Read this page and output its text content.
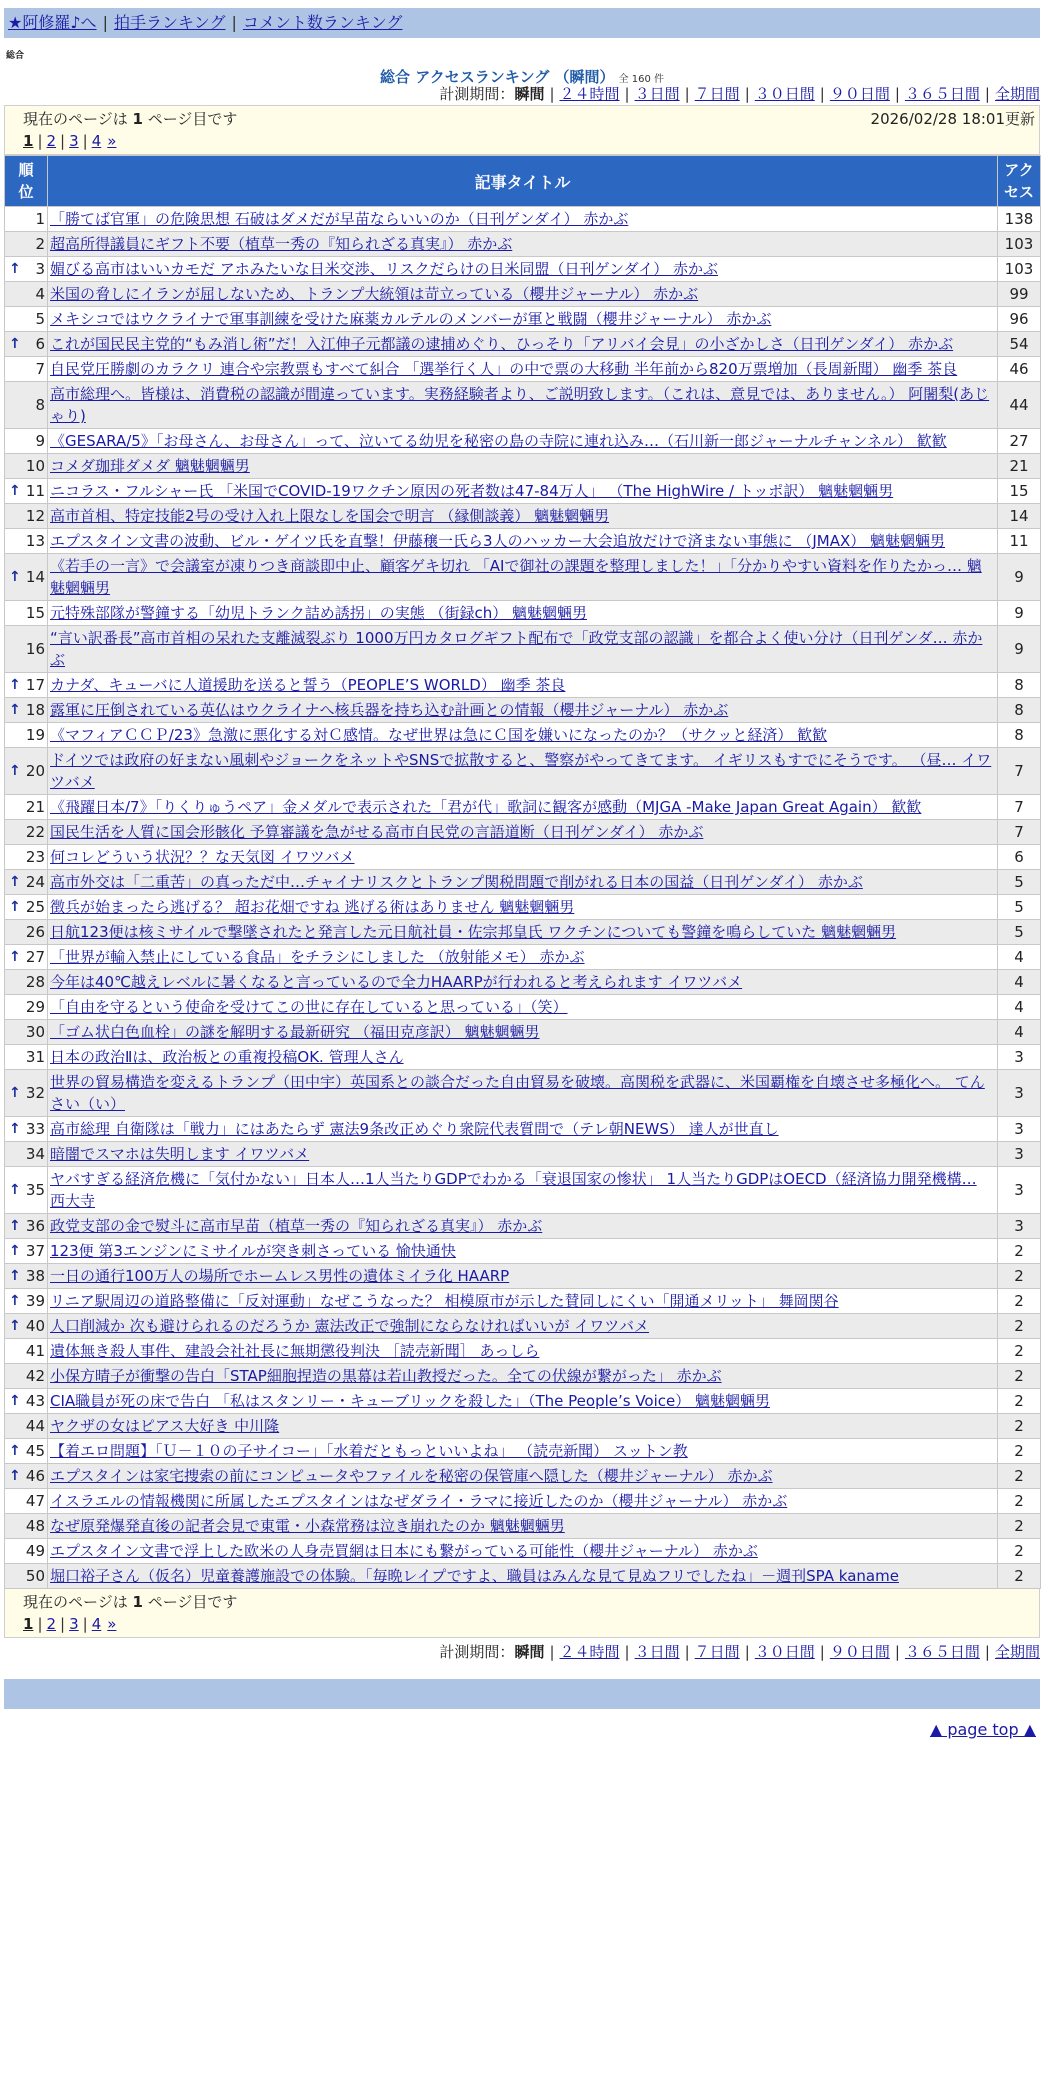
★阿修羅♪へ | 拍手ランキング | コメント数ランキング
総合
総合 アクセスランキング （瞬間） 全 160 件
計測期間：瞬間 | ２４時間 | ３日間 | ７日間 | ３０日間 | ９０日間 | ３６５日間 | 全期間
現在のページは 1 ページ目です	2026/02/28 18:01更新
1 | 2 | 3 | 4 »
順位	記事タイトル	アクセス
1	「勝てば官軍」の危険思想 石破はダメだが早苗ならいいのか（日刊ゲンダイ） 赤かぶ	138
2	超高所得議員にギフト不要（植草一秀の『知られざる真実』） 赤かぶ	103

↑ 3	媚びる高市はいいカモだ アホみたいな日米交渉、リスクだらけの日米同盟（日刊ゲンダイ） 赤かぶ	103
4	米国の脅しにイランが屈しないため、トランプ大統領は苛立っている（櫻井ジャーナル） 赤かぶ	99
5	メキシコではウクライナで軍事訓練を受けた麻薬カルテルのメンバーが軍と戦闘（櫻井ジャーナル） 赤かぶ	96

↑ 6	これが国民民主党的“もみ消し術”だ！入江伸子元都議の逮捕めぐり、ひっそり「アリバイ会見」の小ざかしさ（日刊ゲンダイ） 赤かぶ	54
7	自民党圧勝劇のカラクリ 連合や宗教票もすべて糾合 「選挙行く人」の中で票の大移動 半年前から820万票増加（長周新聞） 幽季 茶良	46
8	高市総理へ。皆様は、消費税の認識が間違っています。実務経験者より、ご説明致します。（これは、意見では、ありません。） 阿闍梨(あじゃり)	44
9	《GESARA/5》「お母さん、お母さん」って、泣いてる幼児を秘密の島の寺院に連れ込み…（石川新一郎ジャーナルチャンネル） 歓歓	27
10	コメダ珈琲ダメダ 魑魅魍魎男	21

↑ 11	ニコラス・フルシャー氏 「米国でCOVID-19ワクチン原因の死者数は47-84万人」 （The HighWire / トッポ訳） 魑魅魍魎男	15
12	高市首相、特定技能2号の受け入れ上限なしを国会で明言 （縁側談義） 魑魅魍魎男	14
13	エプスタイン文書の波動、ビル・ゲイツ氏を直撃！伊藤穣一氏ら3人のハッカー大会追放だけで済まない事態に （JMAX） 魑魅魍魎男	11

↑ 14	《若手の一言》で会議室が凍りつき商談即中止、顧客ゲキ切れ 「AIで御社の課題を整理しました！」「分かりやすい資料を作りたかっ… 魑魅魍魎男	9
15	元特殊部隊が警鐘する「幼児トランク詰め誘拐」の実態 （街録ch） 魑魅魍魎男	9
16	“言い訳番長”高市首相の呆れた支離滅裂ぶり 1000万円カタログギフト配布で「政党支部の認識」を都合よく使い分け（日刊ゲンダ… 赤かぶ	9

↑ 17	カナダ、キューバに人道援助を送ると誓う（PEOPLE’S WORLD） 幽季 茶良	8

↑ 18	露軍に圧倒されている英仏はウクライナへ核兵器を持ち込む計画との情報（櫻井ジャーナル） 赤かぶ	8
19	《マフィアＣＣＰ/23》急激に悪化する対Ｃ感情。なぜ世界は急にＣ国を嫌いになったのか？（サクッと経済） 歓歓	8

↑ 20	ドイツでは政府の好まない風刺やジョークをネットやSNSで拡散すると、警察がやってきてます。 イギリスもすでにそうです。 （昼… イワツバメ	7
21	《飛躍日本/7》「りくりゅうペア」金メダルで表示された「君が代」歌詞に観客が感動（MJGA -Make Japan Great Again） 歓歓	7
22	国民生活を人質に国会形骸化 予算審議を急がせる高市自民党の言語道断（日刊ゲンダイ） 赤かぶ	7
23	何コレどういう状況？？な天気図 イワツバメ	6

↑ 24	高市外交は「二重苦」の真っただ中…チャイナリスクとトランプ関税問題で削がれる日本の国益（日刊ゲンダイ） 赤かぶ	5

↑ 25	徴兵が始まったら逃げる？ 超お花畑ですね 逃げる術はありません 魑魅魍魎男	5
26	日航123便は核ミサイルで撃墜されたと発言した元日航社員・佐宗邦皇氏 ワクチンについても警鐘を鳴らしていた 魑魅魍魎男	5

↑ 27	「世界が輸入禁止にしている食品」をチラシにしました （放射能メモ） 赤かぶ	4
28	今年は40℃越えレベルに暑くなると言っているので全力HAARPが行われると考えられます イワツバメ	4
29	「自由を守るという使命を受けてこの世に存在していると思っている」（笑）	4
30	「ゴム状白色血栓」の謎を解明する最新研究 （福田克彦訳） 魑魅魍魎男	4
31	日本の政治Ⅱは、政治板との重複投稿OK. 管理人さん	3

↑ 32	世界の貿易構造を変えるトランプ（田中宇）英国系との談合だった自由貿易を破壊。高関税を武器に、米国覇権を自壊させ多極化へ。 てんさい（い）	3

↑ 33	高市総理 自衛隊は「戦力」にはあたらず 憲法9条改正めぐり衆院代表質問で（テレ朝NEWS） 達人が世直し	3
34	暗闇でスマホは失明します イワツバメ	3

↑ 35	ヤバすぎる経済危機に「気付かない」日本人…1人当たりGDPでわかる「衰退国家の惨状」 1人当たりGDPはOECD（経済協力開発機構… 西大寺	3

↑ 36	政党支部の金で熨斗に高市早苗（植草一秀の『知られざる真実』） 赤かぶ	3

↑ 37	123便 第3エンジンにミサイルが突き刺さっている 愉快通快	2

↑ 38	一日の通行100万人の場所でホームレス男性の遺体ミイラ化 HAARP	2

↑ 39	リニア駅周辺の道路整備に「反対運動」なぜこうなった？ 相模原市が示した賛同しにくい「開通メリット」 舞岡関谷	2

↑ 40	人口削減か 次も避けられるのだろうか 憲法改正で強制にならなければいいが イワツバメ	2
41	遺体無き殺人事件、建設会社社長に無期懲役判決 ［読売新聞］ あっしら	2
42	小保方晴子が衝撃の告白「STAP細胞捏造の黒幕は若山教授だった。全ての伏線が繋がった」 赤かぶ	2

↑ 43	CIA職員が死の床で告白 「私はスタンリー・キューブリックを殺した」（The People’s Voice） 魑魅魍魎男	2
44	ヤクザの女はピアス大好き 中川隆	2

↑ 45	【着エロ問題】「Ｕ－１０の子サイコー」「水着だともっといいよね」 （読売新聞） スットン教	2

↑ 46	エプスタインは家宅捜索の前にコンピュータやファイルを秘密の保管庫へ隠した（櫻井ジャーナル） 赤かぶ	2
47	イスラエルの情報機関に所属したエプスタインはなぜダライ・ラマに接近したのか（櫻井ジャーナル） 赤かぶ	2
48	なぜ原発爆発直後の記者会見で東電・小森常務は泣き崩れたのか 魑魅魍魎男	2
49	エプスタイン文書で浮上した欧米の人身売買網は日本にも繋がっている可能性（櫻井ジャーナル） 赤かぶ	2
50	堀口裕子さん（仮名）児童養護施設での体験。「毎晩レイプですよ、職員はみんな見て見ぬフリでしたね」－週刊SPA kaname	2
現在のページは 1 ページ目です
1 | 2 | 3 | 4 »
計測期間：瞬間 | ２４時間 | ３日間 | ７日間 | ３０日間 | ９０日間 | ３６５日間 | 全期間
▲ page top ▲
